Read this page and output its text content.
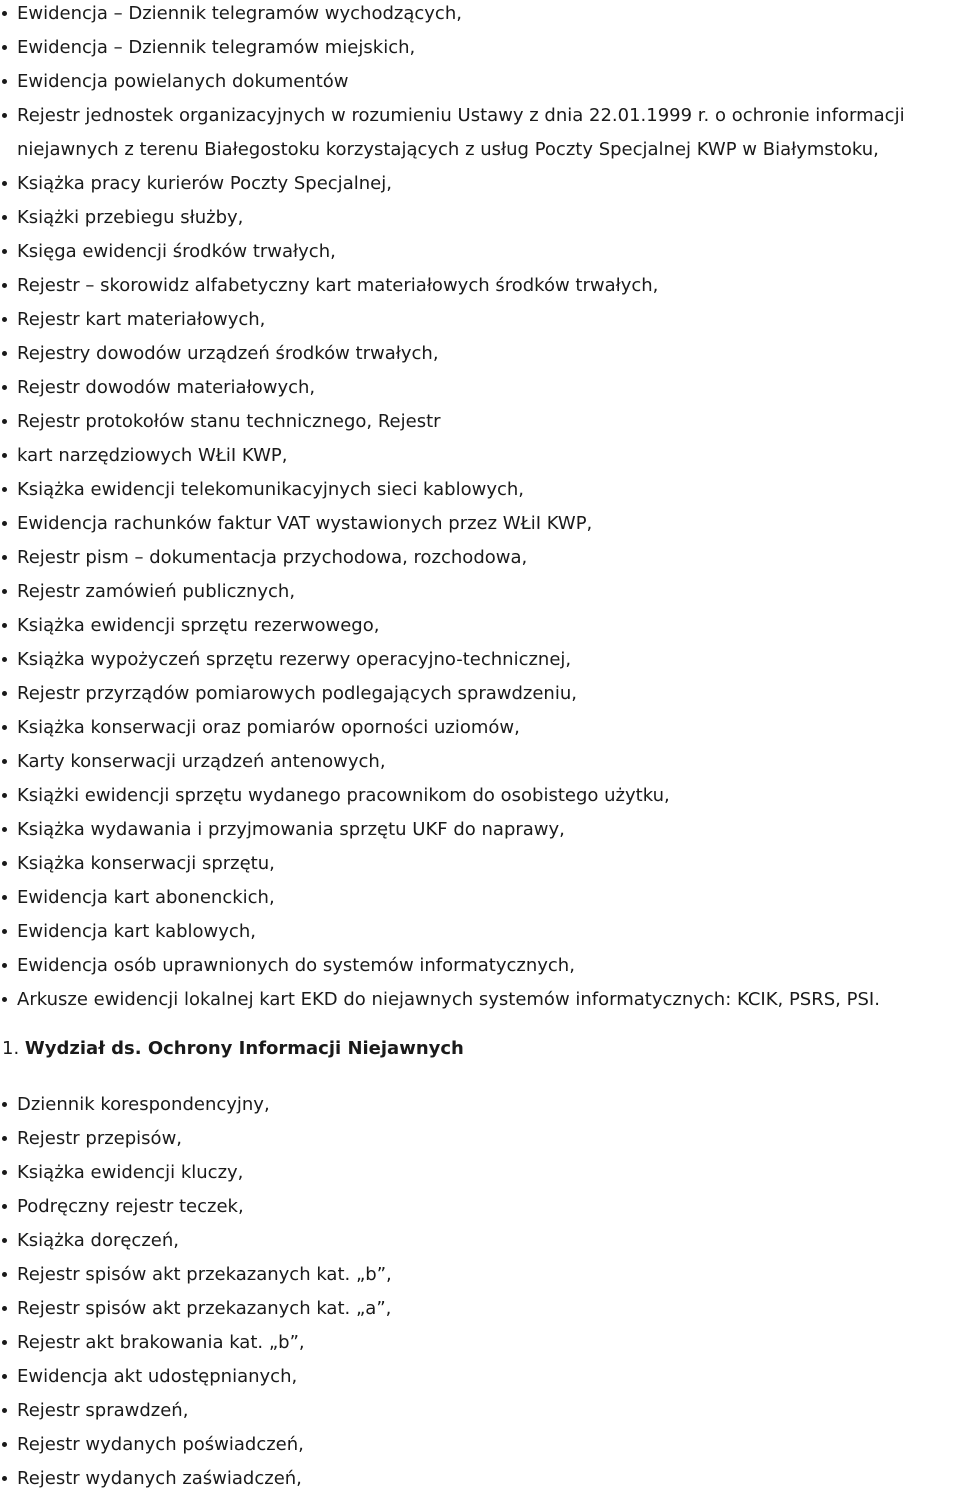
Ewidencja – Dziennik telegramów wychodzących,
Ewidencja – Dziennik telegramów miejskich,
Ewidencja powielanych dokumentów
Rejestr jednostek organizacyjnych w rozumieniu Ustawy z dnia 22.01.1999 r. o ochronie informacji niejawnych z terenu Białegostoku korzystających z usług Poczty Specjalnej KWP w Białymstoku,
Książka pracy kurierów Poczty Specjalnej,
Książki przebiegu służby,
Księga ewidencji środków trwałych,
Rejestr – skorowidz alfabetyczny kart materiałowych środków trwałych,
Rejestr kart materiałowych,
Rejestry dowodów urządzeń środków trwałych,
Rejestr dowodów materiałowych,
Rejestr protokołów stanu technicznego, Rejestr
kart narzędziowych WŁiI KWP,
Książka ewidencji telekomunikacyjnych sieci kablowych,
Ewidencja rachunków faktur VAT wystawionych przez WŁiI KWP,
Rejestr pism – dokumentacja przychodowa, rozchodowa,
Rejestr zamówień publicznych,
Książka ewidencji sprzętu rezerwowego,
Książka wypożyczeń sprzętu rezerwy operacyjno-technicznej,
Rejestr przyrządów pomiarowych podlegających sprawdzeniu,
Książka konserwacji oraz pomiarów oporności uziomów,
Karty konserwacji urządzeń antenowych,
Książki ewidencji sprzętu wydanego pracownikom do osobistego użytku,
Książka wydawania i przyjmowania sprzętu UKF do naprawy,
Książka konserwacji sprzętu,
Ewidencja kart abonenckich,
Ewidencja kart kablowych,
Ewidencja osób uprawnionych do systemów informatycznych,
Arkusze ewidencji lokalnej kart EKD do niejawnych systemów informatycznych: KCIK, PSRS, PSI.
1. Wydział ds. Ochrony Informacji Niejawnych
Dziennik korespondencyjny,
Rejestr przepisów,
Książka ewidencji kluczy,
Podręczny rejestr teczek,
Książka doręczeń,
Rejestr spisów akt przekazanych kat. „b”,
Rejestr spisów akt przekazanych kat. „a”,
Rejestr akt brakowania kat. „b”,
Ewidencja akt udostępnianych,
Rejestr sprawdzeń,
Rejestr wydanych poświadczeń,
Rejestr wydanych zaświadczeń,
